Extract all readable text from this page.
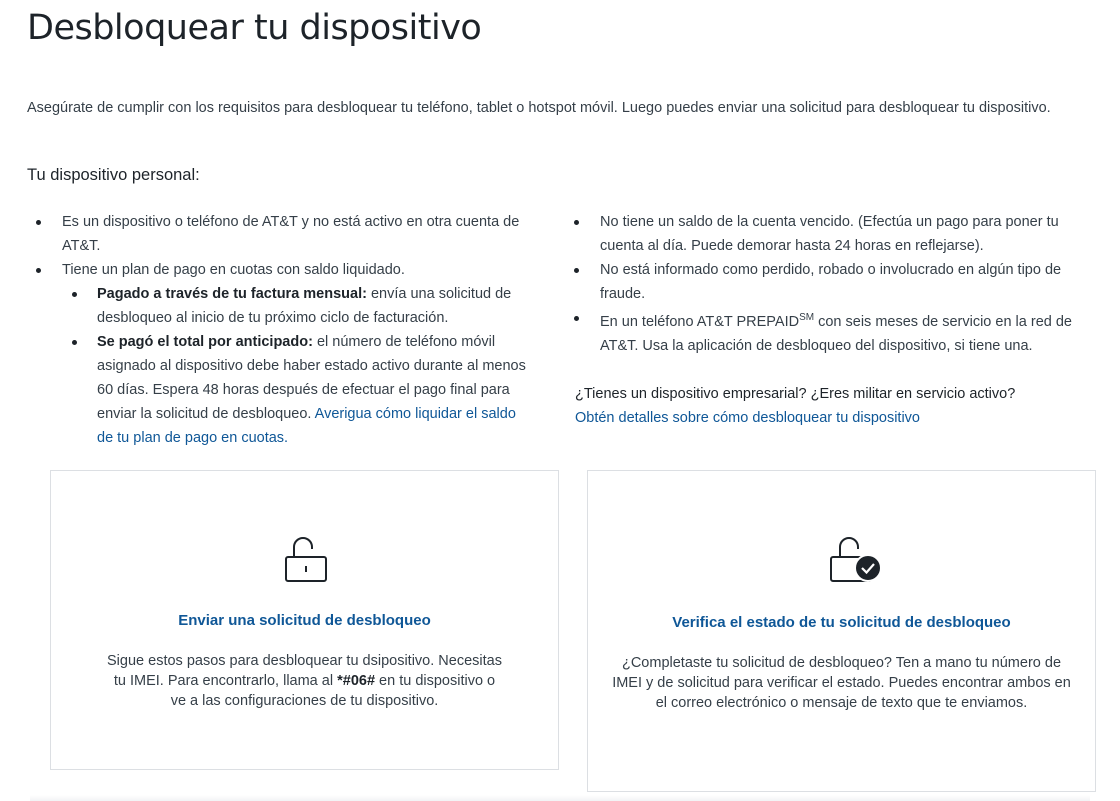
Desbloquear tu dispositivo

Asegúrate de cumplir con los requisitos para desbloquear tu teléfono, tablet o hotspot móvil. Luego puedes enviar una solicitud para desbloquear tu dispositivo.

Tu dispositivo personal:
Es un dispositivo o teléfono de AT&T y no está activo en otra cuenta de AT&T.
Tiene un plan de pago en cuotas con saldo liquidado.
Pagado a través de tu factura mensual: envía una solicitud de desbloqueo al inicio de tu próximo ciclo de facturación.
Se pagó el total por anticipado: el número de teléfono móvil asignado al dispositivo debe haber estado activo durante al menos 60 días. Espera 48 horas después de efectuar el pago final para enviar la solicitud de desbloqueo. Averigua cómo liquidar el saldo de tu plan de pago en cuotas.
No tiene un saldo de la cuenta vencido. (Efectúa un pago para poner tu cuenta al día. Puede demorar hasta 24 horas en reflejarse).
No está informado como perdido, robado o involucrado en algún tipo de fraude.
En un teléfono AT&T PREPAID℠ con seis meses de servicio en la red de AT&T. Usa la aplicación de desbloqueo del dispositivo, si tiene una.
¿Tienes un dispositivo empresarial? ¿Eres militar en servicio activo?
Obtén detalles sobre cómo desbloquear tu dispositivo

Enviar una solicitud de desbloqueo

Sigue estos pasos para desbloquear tu dsipositivo. Necesitas tu IMEI. Para encontrarlo, llama al *#06# en tu dispositivo o ve a las configuraciones de tu dispositivo.

Verifica el estado de tu solicitud de desbloqueo

¿Completaste tu solicitud de desbloqueo? Ten a mano tu número de IMEI y de solicitud para verificar el estado. Puedes encontrar ambos en el correo electrónico o mensaje de texto que te enviamos.
